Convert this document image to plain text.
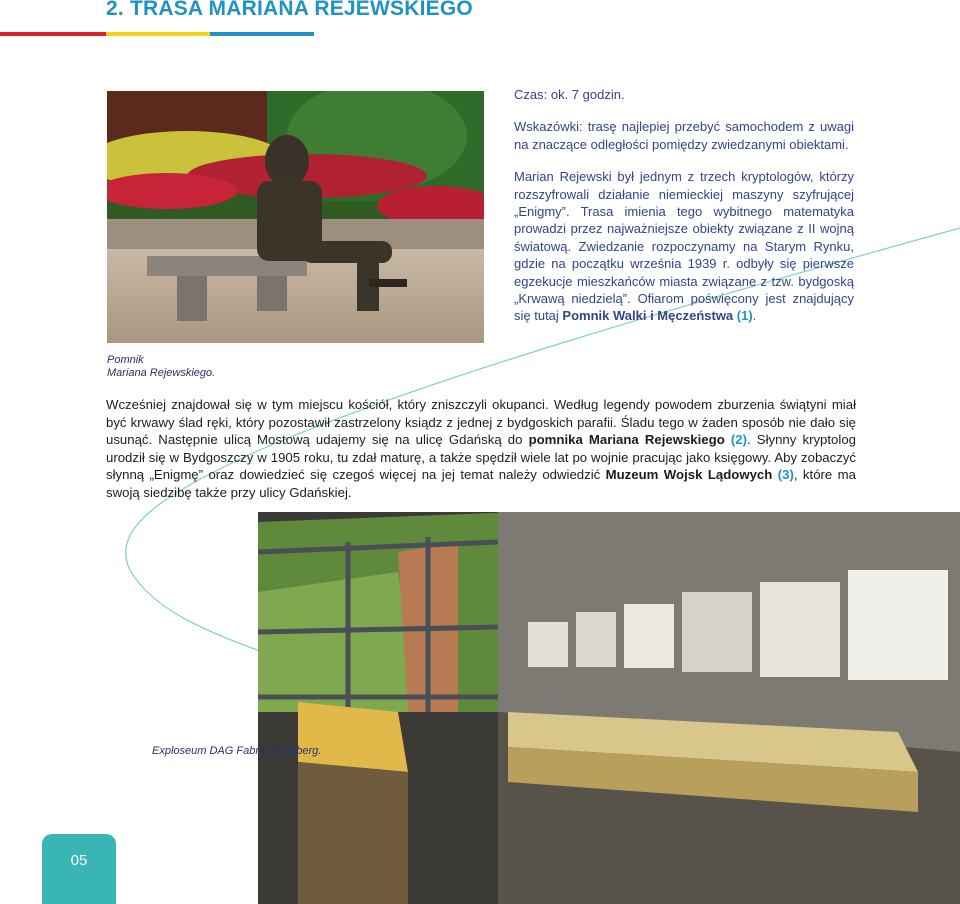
2. TRASA MARIANA REJEWSKIEGO
Pomnik
Mariana Rejewskiego.

Czas: ok. 7 godzin.

Wskazówki: trasę najlepiej przebyć samochodem z uwagi na znaczące odległości pomiędzy zwiedzanymi obiektami.

Marian Rejewski był jednym z trzech kryptologów, którzy rozszyfrowali działanie niemieckiej maszyny szyfrującej „Enigmy”. Trasa imienia tego wybitnego matematyka prowadzi przez najważniejsze obiekty związane z II wojną światową. Zwiedzanie rozpoczynamy na Starym Rynku, gdzie na początku września 1939 r. odbyły się pierwsze egzekucje mieszkańców miasta związane z tzw. bydgoską „Krwawą niedzielą”. Ofiarom poświęcony jest znajdujący się tutaj Pomnik Walki i Męczeństwa (1).

Wcześniej znajdował się w tym miejscu kościół, który zniszczyli okupanci. Według legendy powodem zburzenia świątyni miał być krwawy ślad ręki, który pozostawił zastrzelony ksiądz z jednej z bydgoskich parafii. Śladu tego w żaden sposób nie dało się usunąć. Następnie ulicą Mostową udajemy się na ulicę Gdańską do pomnika Mariana Rejewskiego (2). Słynny kryptolog urodził się w Bydgoszczy w 1905 roku, tu zdał maturę, a także spędził wiele lat po wojnie pracując jako księgowy. Aby zobaczyć słynną „Enigmę” oraz dowiedzieć się czegoś więcej na jej temat należy odwiedzić Muzeum Wojsk Lądowych (3), które ma swoją siedzibę także przy ulicy Gdańskiej.

Exploseum DAG Fabrik Bromberg.
05
